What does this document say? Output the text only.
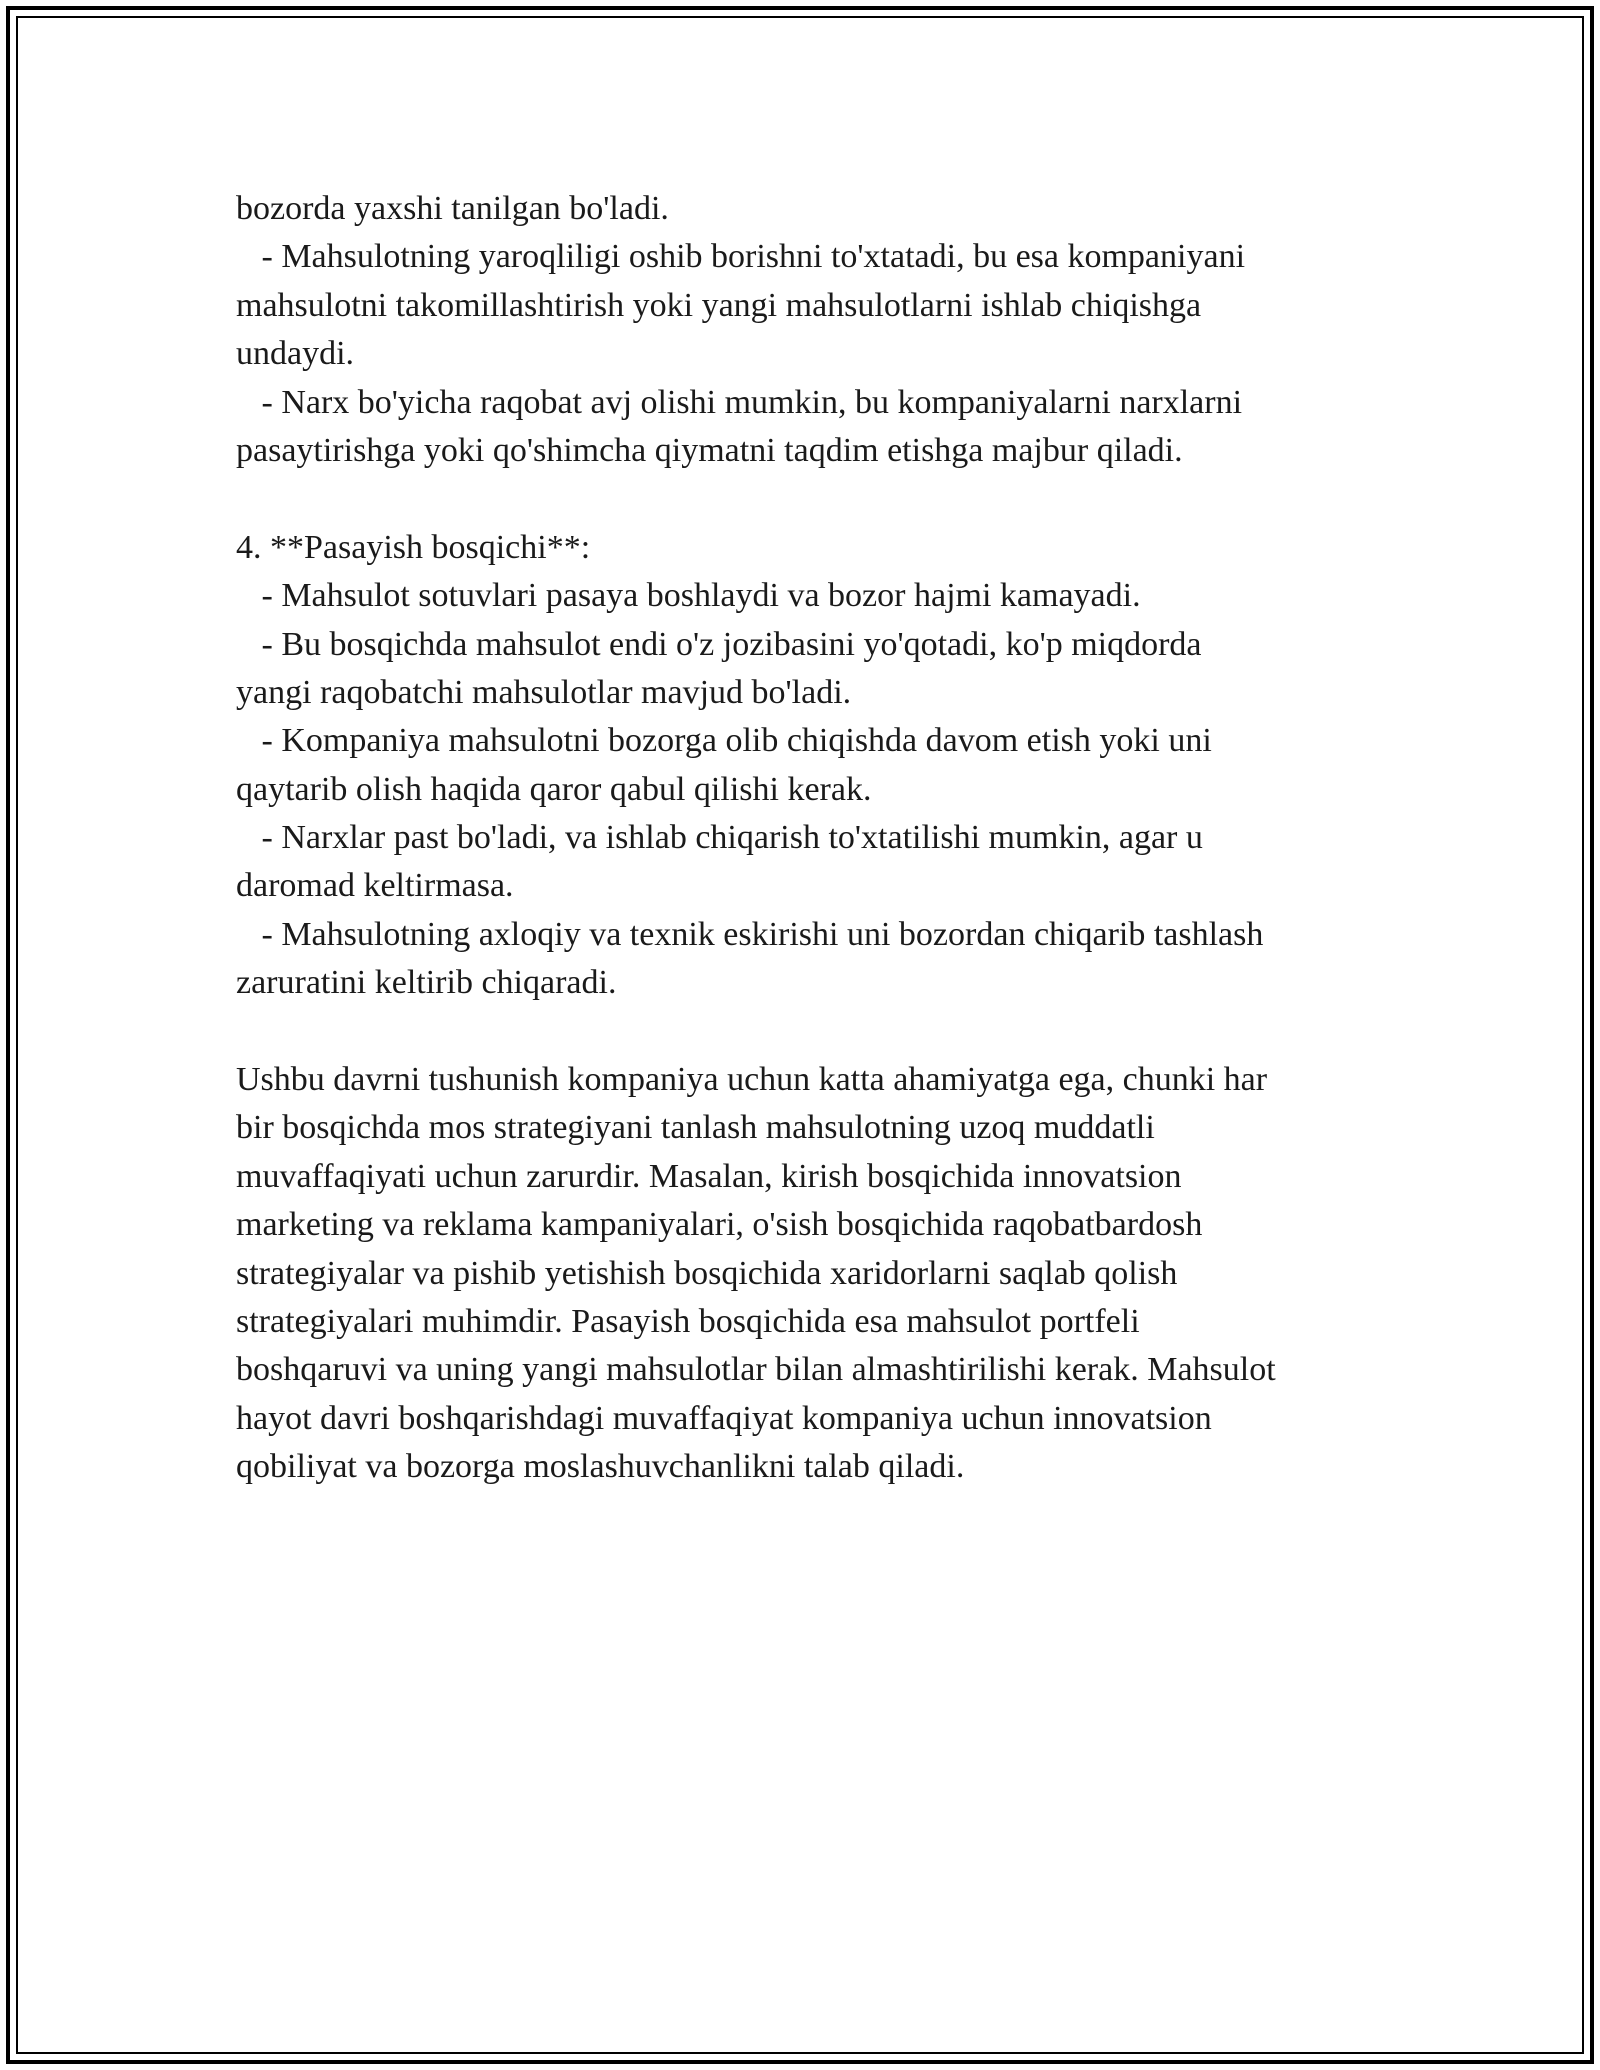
bozorda yaxshi tanilgan bo'ladi.
- Mahsulotning yaroqliligi oshib borishni to'xtatadi, bu esa kompaniyani
mahsulotni takomillashtirish yoki yangi mahsulotlarni ishlab chiqishga
undaydi.
- Narx bo'yicha raqobat avj olishi mumkin, bu kompaniyalarni narxlarni
pasaytirishga yoki qo'shimcha qiymatni taqdim etishga majbur qiladi.
4. **Pasayish bosqichi**:
- Mahsulot sotuvlari pasaya boshlaydi va bozor hajmi kamayadi.
- Bu bosqichda mahsulot endi o'z jozibasini yo'qotadi, ko'p miqdorda
yangi raqobatchi mahsulotlar mavjud bo'ladi.
- Kompaniya mahsulotni bozorga olib chiqishda davom etish yoki uni
qaytarib olish haqida qaror qabul qilishi kerak.
- Narxlar past bo'ladi, va ishlab chiqarish to'xtatilishi mumkin, agar u
daromad keltirmasa.
- Mahsulotning axloqiy va texnik eskirishi uni bozordan chiqarib tashlash
zaruratini keltirib chiqaradi.
Ushbu davrni tushunish kompaniya uchun katta ahamiyatga ega, chunki har
bir bosqichda mos strategiyani tanlash mahsulotning uzoq muddatli
muvaffaqiyati uchun zarurdir. Masalan, kirish bosqichida innovatsion
marketing va reklama kampaniyalari, o'sish bosqichida raqobatbardosh
strategiyalar va pishib yetishish bosqichida xaridorlarni saqlab qolish
strategiyalari muhimdir. Pasayish bosqichida esa mahsulot portfeli
boshqaruvi va uning yangi mahsulotlar bilan almashtirilishi kerak. Mahsulot
hayot davri boshqarishdagi muvaffaqiyat kompaniya uchun innovatsion
qobiliyat va bozorga moslashuvchanlikni talab qiladi.
